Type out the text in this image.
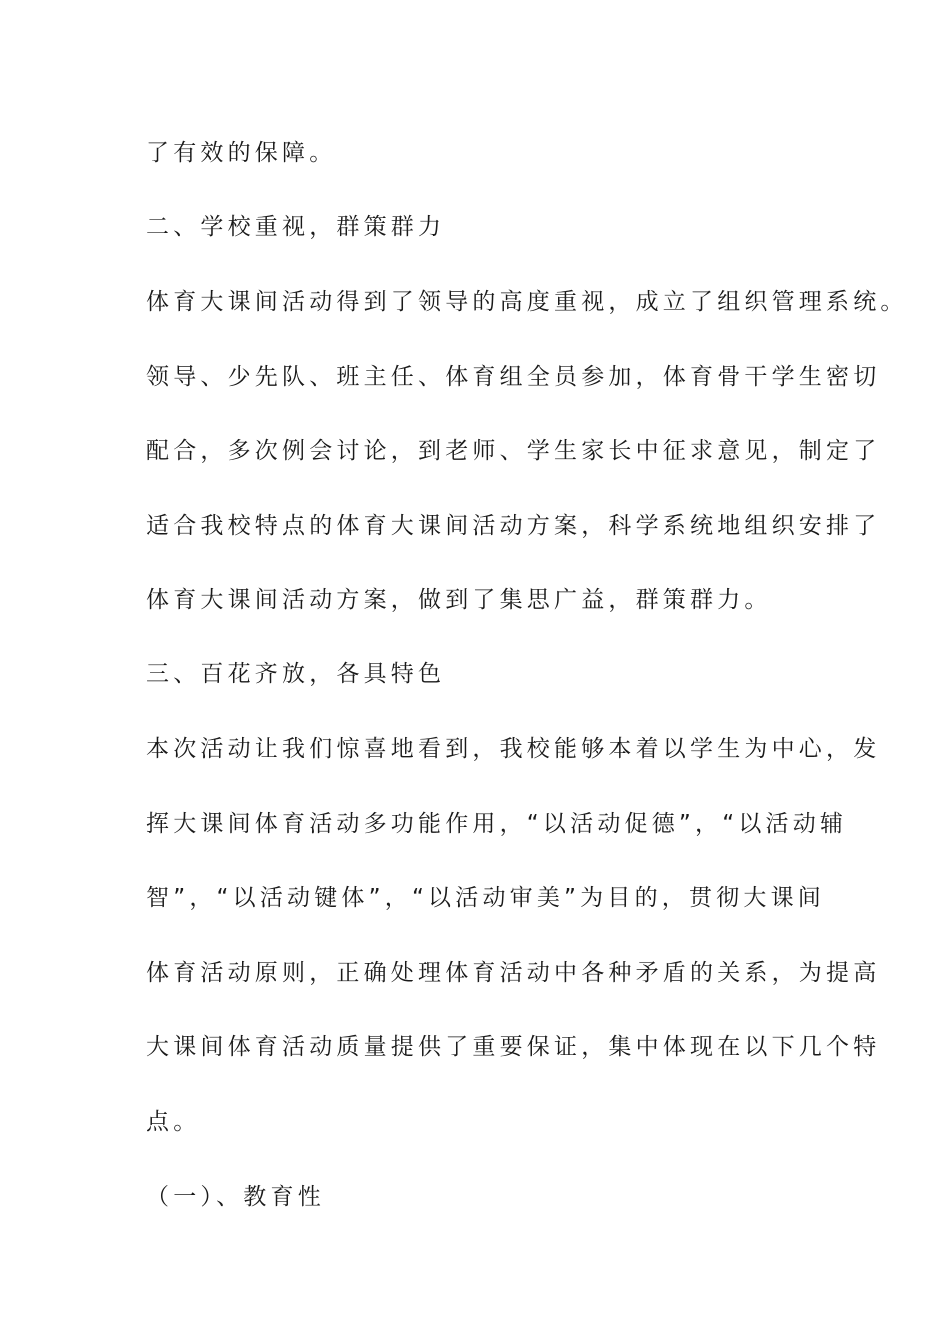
了有效的保障。

二、学校重视，群策群力

体育大课间活动得到了领导的高度重视，成立了组织管理系统。

领导、少先队、班主任、体育组全员参加，体育骨干学生密切

配合，多次例会讨论，到老师、学生家长中征求意见，制定了

适合我校特点的体育大课间活动方案，科学系统地组织安排了

体育大课间活动方案，做到了集思广益，群策群力。

三、百花齐放，各具特色

本次活动让我们惊喜地看到，我校能够本着以学生为中心，发

挥大课间体育活动多功能作用，“以活动促德”，“以活动辅

智”，“以活动键体”，“以活动审美”为目的，贯彻大课间

体育活动原则，正确处理体育活动中各种矛盾的关系，为提高

大课间体育活动质量提供了重要保证，集中体现在以下几个特

点。

（一）、教育性
